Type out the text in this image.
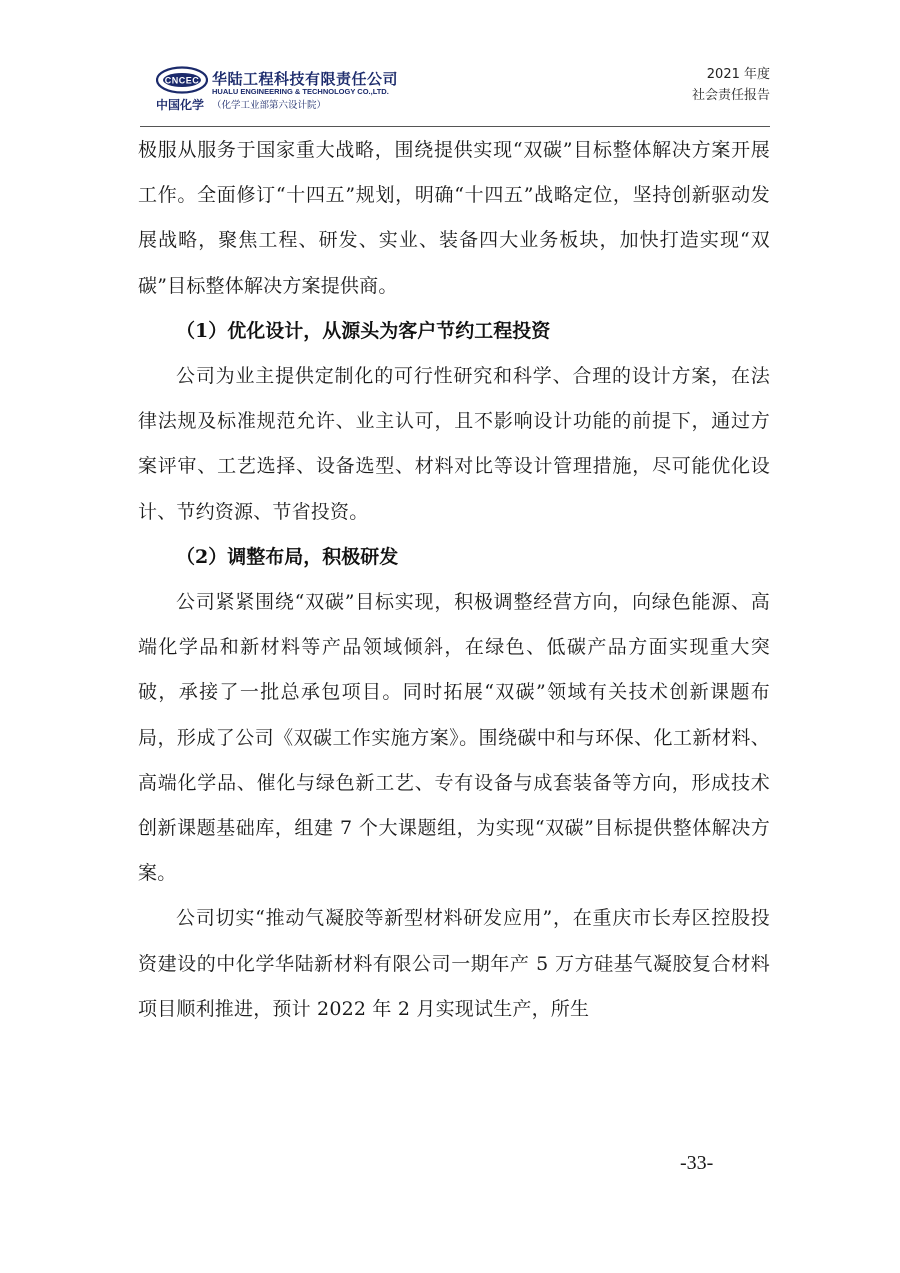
CNCEC
中国化学
华陆工程科技有限责任公司
HUALU ENGINEERING & TECHNOLOGY CO.,LTD.
（化学工业部第六设计院）
2021 年度
社会责任报告

极服从服务于国家重大战略，围绕提供实现“双碳”目标整体解决方案开展工作。全面修订“十四五”规划，明确“十四五”战略定位，坚持创新驱动发展战略，聚焦工程、研发、实业、装备四大业务板块，加快打造实现“双碳”目标整体解决方案提供商。

（1）优化设计，从源头为客户节约工程投资

公司为业主提供定制化的可行性研究和科学、合理的设计方案，在法律法规及标准规范允许、业主认可，且不影响设计功能的前提下，通过方案评审、工艺选择、设备选型、材料对比等设计管理措施，尽可能优化设计、节约资源、节省投资。

（2）调整布局，积极研发

公司紧紧围绕“双碳”目标实现，积极调整经营方向，向绿色能源、高端化学品和新材料等产品领域倾斜，在绿色、低碳产品方面实现重大突破，承接了一批总承包项目。同时拓展“双碳”领域有关技术创新课题布局，形成了公司《双碳工作实施方案》。围绕碳中和与环保、化工新材料、高端化学品、催化与绿色新工艺、专有设备与成套装备等方向，形成技术创新课题基础库，组建 7 个大课题组，为实现“双碳”目标提供整体解决方案。

公司切实“推动气凝胶等新型材料研发应用”，在重庆市长寿区控股投资建设的中化学华陆新材料有限公司一期年产 5 万方硅基气凝胶复合材料项目顺利推进，预计 2022 年 2 月实现试生产，所生

-33-
